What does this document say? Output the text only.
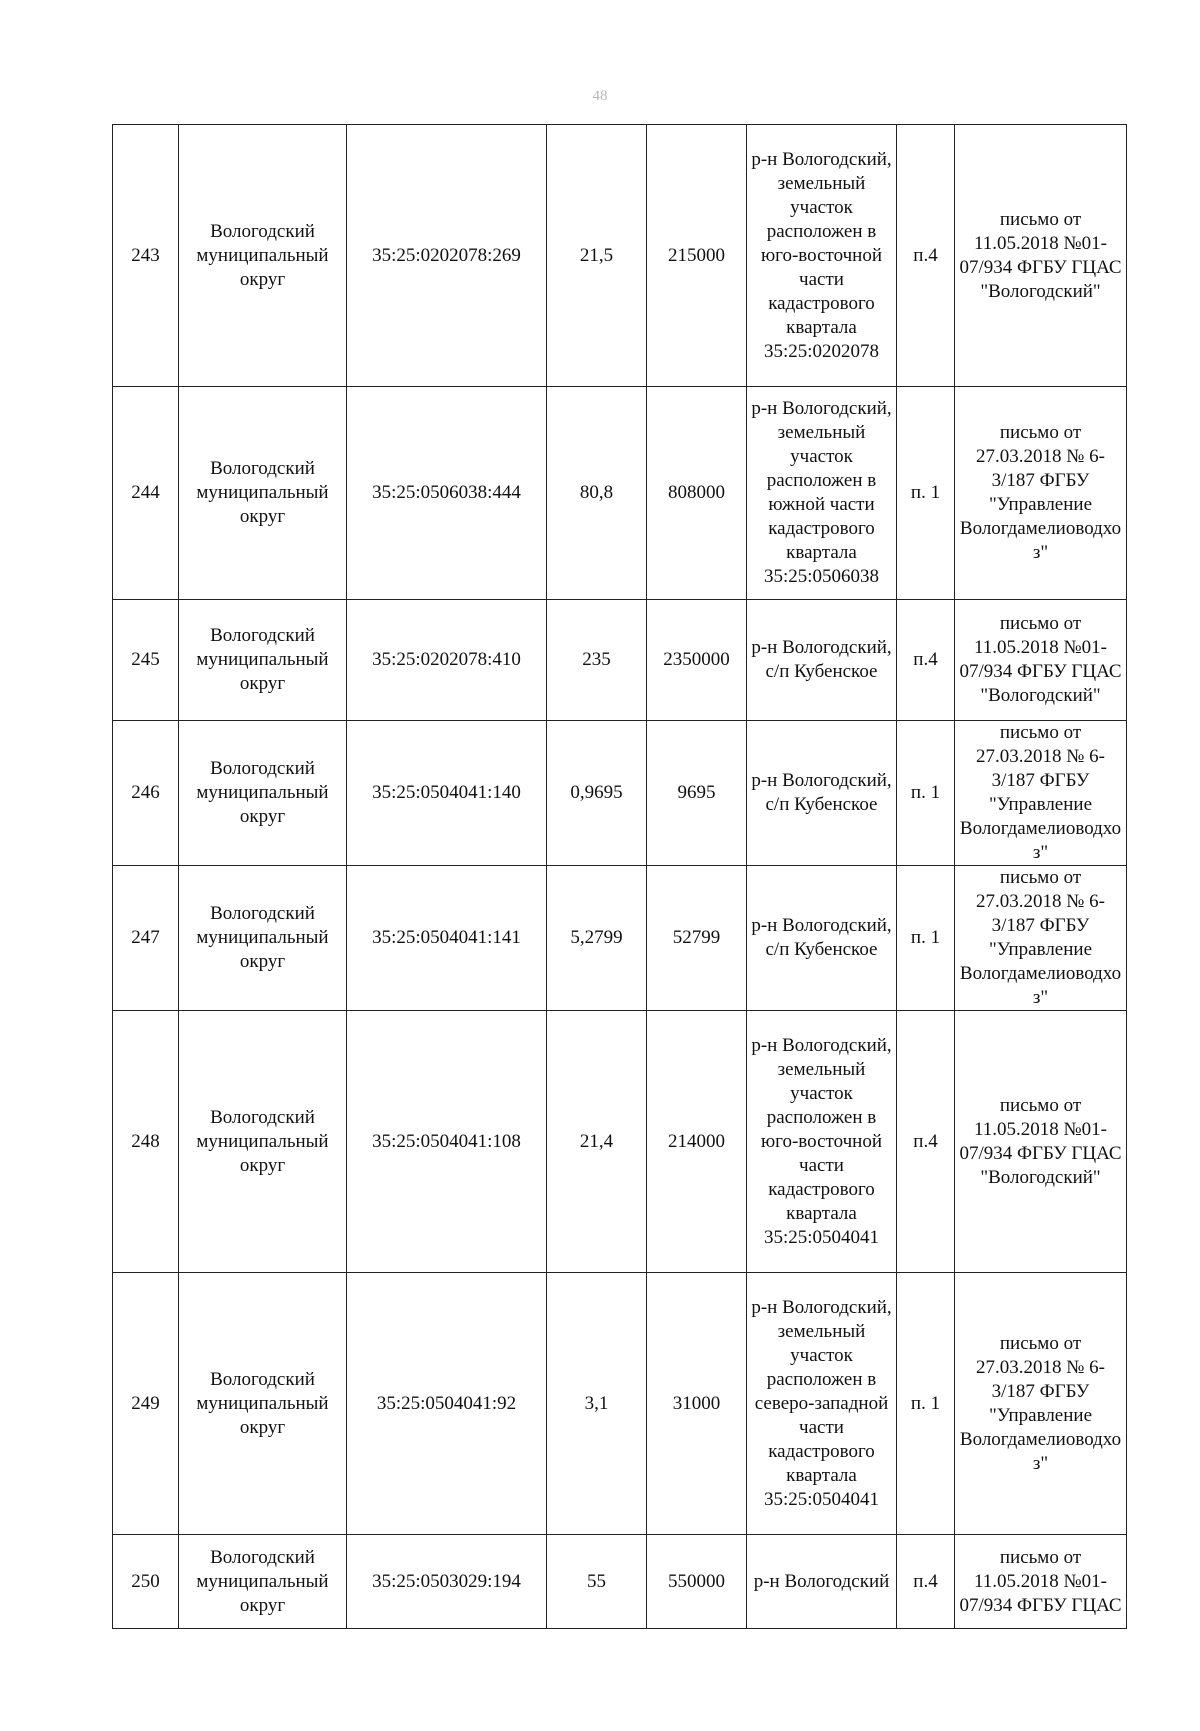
48
243	Вологодский муниципальный округ	35:25:0202078:269	21,5	215000	р-н Вологодский, земельный участок расположен в юго-восточной части кадастрового квартала 35:25:0202078	п.4	письмо от 11.05.2018 №01-07/934 ФГБУ ГЦАС "Вологодский"
244	Вологодский муниципальный округ	35:25:0506038:444	80,8	808000	р-н Вологодский, земельный участок расположен в южной части кадастрового квартала 35:25:0506038	п. 1	письмо от 27.03.2018 № 6-3/187 ФГБУ "Управление Вологдамелиоводхоз"
245	Вологодский муниципальный округ	35:25:0202078:410	235	2350000	р-н Вологодский, с/п Кубенское	п.4	письмо от 11.05.2018 №01-07/934 ФГБУ ГЦАС "Вологодский"
246	Вологодский муниципальный округ	35:25:0504041:140	0,9695	9695	р-н Вологодский, с/п Кубенское	п. 1	письмо от 27.03.2018 № 6-3/187 ФГБУ "Управление Вологдамелиоводхоз"
247	Вологодский муниципальный округ	35:25:0504041:141	5,2799	52799	р-н Вологодский, с/п Кубенское	п. 1	письмо от 27.03.2018 № 6-3/187 ФГБУ "Управление Вологдамелиоводхоз"
248	Вологодский муниципальный округ	35:25:0504041:108	21,4	214000	р-н Вологодский, земельный участок расположен в юго-восточной части кадастрового квартала 35:25:0504041	п.4	письмо от 11.05.2018 №01-07/934 ФГБУ ГЦАС "Вологодский"
249	Вологодский муниципальный округ	35:25:0504041:92	3,1	31000	р-н Вологодский, земельный участок расположен в северо-западной части кадастрового квартала 35:25:0504041	п. 1	письмо от 27.03.2018 № 6-3/187 ФГБУ "Управление Вологдамелиоводхоз"
250	Вологодский муниципальный округ	35:25:0503029:194	55	550000	р-н Вологодский	п.4	письмо от 11.05.2018 №01-07/934 ФГБУ ГЦАС
